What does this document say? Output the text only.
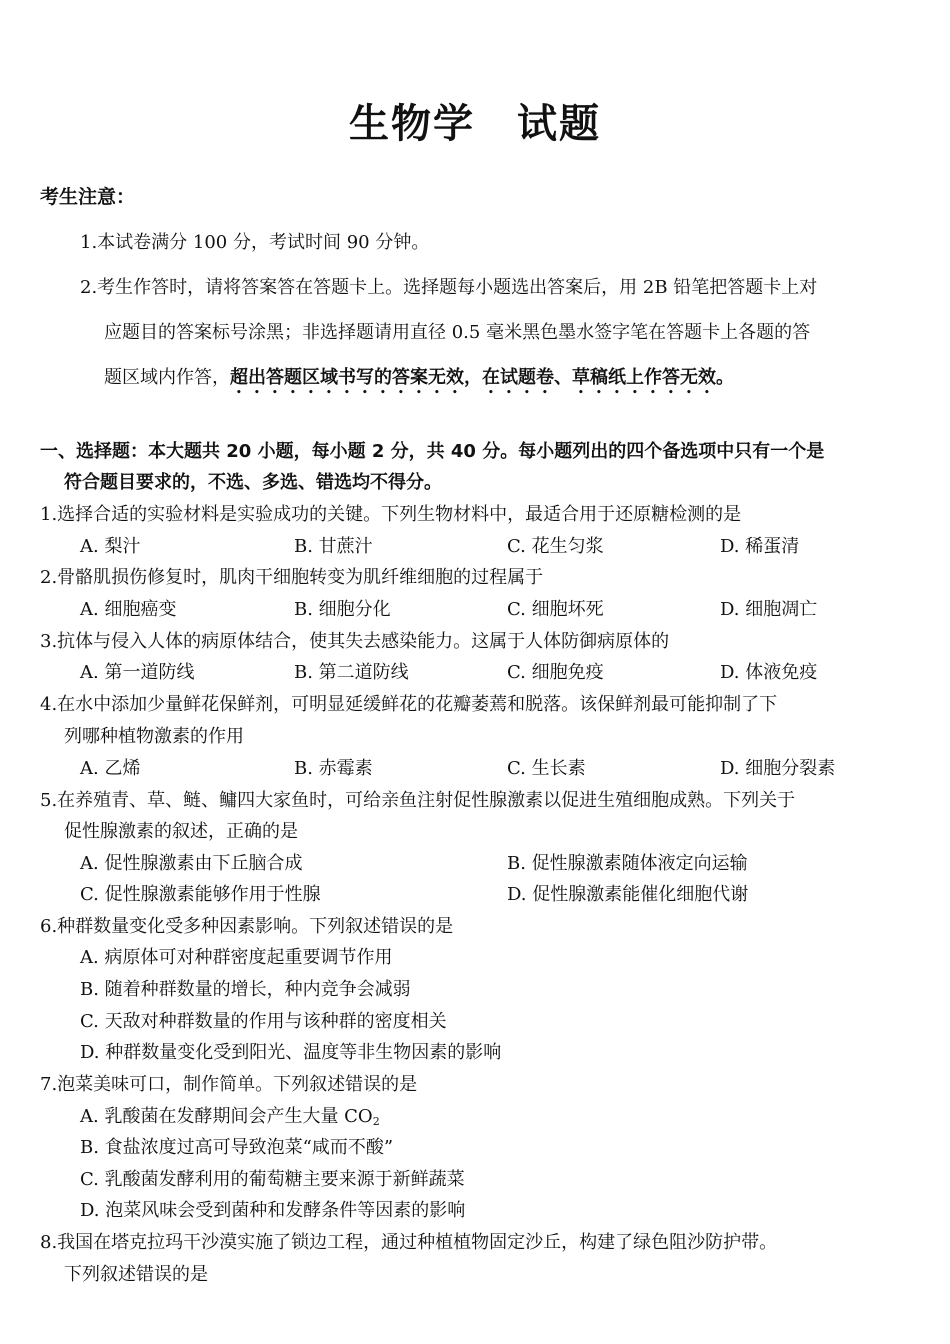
生物学　试题
考生注意：
1.本试卷满分 100 分，考试时间 90 分钟。
2.考生作答时，请将答案答在答题卡上。选择题每小题选出答案后，用 2B 铅笔把答题卡上对
应题目的答案标号涂黑；非选择题请用直径 0.5 毫米黑色墨水签字笔在答题卡上各题的答
题区域内作答，超出答题区域书写的答案无效，在试题卷、草稿纸上作答无效。
一、选择题：本大题共 20 小题，每小题 2 分，共 40 分。每小题列出的四个备选项中只有一个是
符合题目要求的，不选、多选、错选均不得分。
1.选择合适的实验材料是实验成功的关键。下列生物材料中，最适合用于还原糖检测的是
A. 梨汁	B. 甘蔗汁	C. 花生匀浆	D. 稀蛋清
2.骨骼肌损伤修复时，肌肉干细胞转变为肌纤维细胞的过程属于
A. 细胞癌变	B. 细胞分化	C. 细胞坏死	D. 细胞凋亡
3.抗体与侵入人体的病原体结合，使其失去感染能力。这属于人体防御病原体的
A. 第一道防线	B. 第二道防线	C. 细胞免疫	D. 体液免疫
4.在水中添加少量鲜花保鲜剂，可明显延缓鲜花的花瓣萎蔫和脱落。该保鲜剂最可能抑制了下
列哪种植物激素的作用
A. 乙烯	B. 赤霉素	C. 生长素	D. 细胞分裂素
5.在养殖青、草、鲢、鳙四大家鱼时，可给亲鱼注射促性腺激素以促进生殖细胞成熟。下列关于
促性腺激素的叙述，正确的是
A. 促性腺激素由下丘脑合成	B. 促性腺激素随体液定向运输
C. 促性腺激素能够作用于性腺	D. 促性腺激素能催化细胞代谢
6.种群数量变化受多种因素影响。下列叙述错误的是
A. 病原体可对种群密度起重要调节作用
B. 随着种群数量的增长，种内竞争会减弱
C. 天敌对种群数量的作用与该种群的密度相关
D. 种群数量变化受到阳光、温度等非生物因素的影响
7.泡菜美味可口，制作简单。下列叙述错误的是
A. 乳酸菌在发酵期间会产生大量 $CO_2$
B. 食盐浓度过高可导致泡菜“咸而不酸”
C. 乳酸菌发酵利用的葡萄糖主要来源于新鲜蔬菜
D. 泡菜风味会受到菌种和发酵条件等因素的影响
8.我国在塔克拉玛干沙漠实施了锁边工程，通过种植植物固定沙丘，构建了绿色阻沙防护带。
下列叙述错误的是
